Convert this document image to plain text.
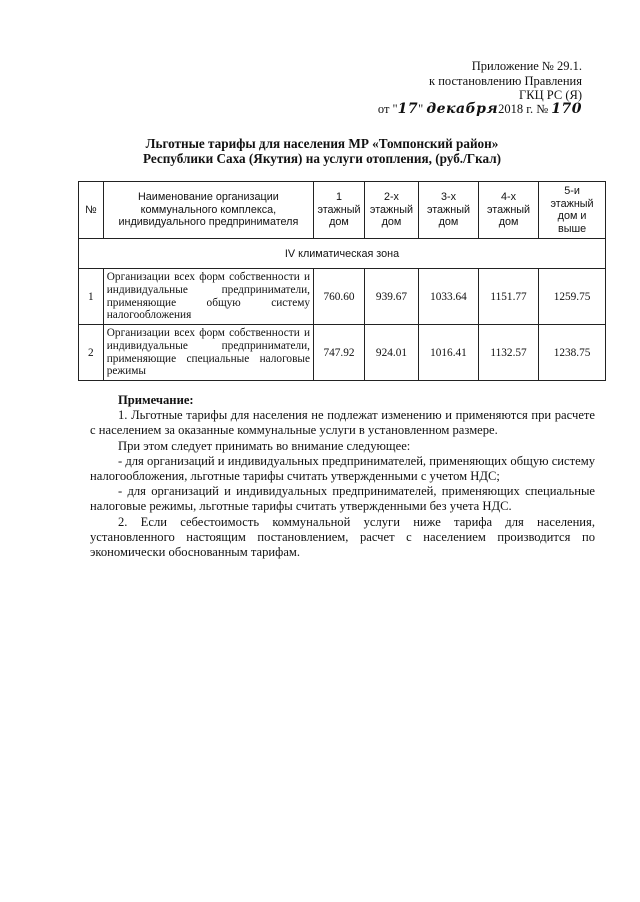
Приложение № 29.1.
к постановлению Правления
ГКЦ РС (Я)
от "17" декабря2018 г. № 170
Льготные тарифы для населения МР «Томпонский район»
Республики Саха (Якутия) на услуги отопления, (руб./Гкал)
№	Наименование организации коммунального комплекса, индивидуального предпринимателя	1 этажный дом	2-х этажный дом	3-х этажный дом	4-х этажный дом	5-и этажный дом и выше
IV климатическая зона						
1	Организации всех форм собственности и индивидуальные предприниматели, применяющие общую систему налогообложения	760.60	939.67	1033.64	1151.77	1259.75
2	Организации всех форм собственности и индивидуальные предприниматели, применяющие специальные налоговые режимы	747.92	924.01	1016.41	1132.57	1238.75

Примечание:

1. Льготные тарифы для населения не подлежат изменению и применяются при расчете с населением за оказанные коммунальные услуги в установленном размере.

При этом следует принимать во внимание следующее:

- для организаций и индивидуальных предпринимателей, применяющих общую систему налогообложения, льготные тарифы считать утвержденными с учетом НДС;

- для организаций и индивидуальных предпринимателей, применяющих специальные налоговые режимы, льготные тарифы считать утвержденными без учета НДС.

2. Если себестоимость коммунальной услуги ниже тарифа для населения, установленного настоящим постановлением, расчет с населением производится по экономически обоснованным тарифам.
